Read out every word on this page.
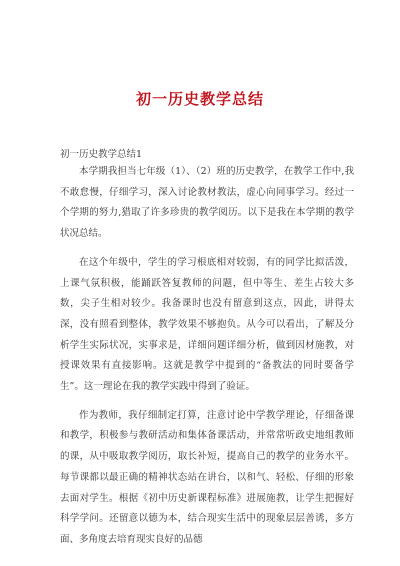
初一历史教学总结

初一历史教学总结1

本学期我担当七年级（1）、（2）班的历史教学，在教学工作中,我不敢怠慢，仔细学习，深入讨论教材教法，虚心向同事学习。经过一个学期的努力,猎取了许多珍贵的教学阅历。以下是我在本学期的教学状况总结。

在这个年级中，学生的学习根底相对较弱，有的同学比拟活泼，上课气氛积极，能踊跃答复教师的问题，但中等生、差生占较大多数，尖子生相对较少。我备课时也没有留意到这点，因此，讲得太深，没有照看到整体，教学效果不够抱负。从今可以看出，了解及分析学生实际状况，实事求是，详细问题详细分析，做到因材施教，对授课效果有直接影响。这就是教学中提到的“备教法的同时要备学生”。这一理论在我的教学实践中得到了验证。

作为教师，我仔细制定打算，注意讨论中学教学理论，仔细备课和教学，积极参与教研活动和集体备课活动，并常常听政史地组教师的课，从中吸取教学阅历，取长补短，提高自己的教学的业务水平。每节课都以最正确的精神状态站在讲台，以和气、轻松、仔细的形象去面对学生。根据《初中历史新课程标准》进展施教，让学生把握好科学学问。还留意以德为本，结合现实生活中的现象层层善诱，多方面、多角度去培育现实良好的品德
